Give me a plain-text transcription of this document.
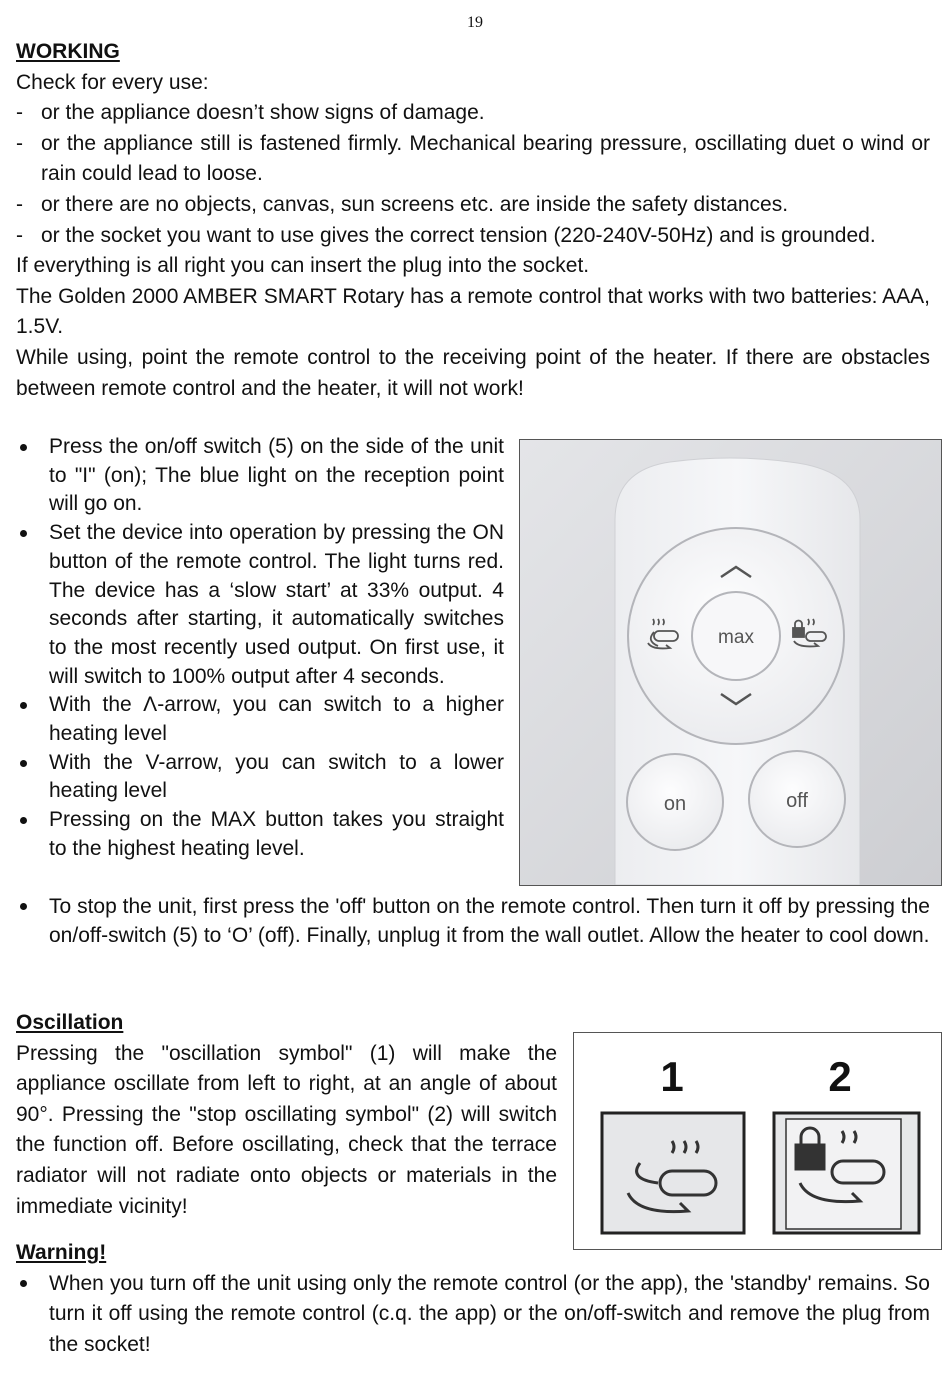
19
WORKING

Check for every use:

- or the appliance doesn’t show signs of damage.
- or the appliance still is fastened firmly. Mechanical bearing pressure, oscillating duet o wind or rain could lead to loose.
- or there are no objects, canvas, sun screens etc. are inside the safety distances.
- or the socket you want to use gives the correct tension (220-240V-50Hz) and is grounded.

If everything is all right you can insert the plug into the socket.

The Golden 2000 AMBER SMART Rotary has a remote control that works with two batteries: AAA, 1.5V.

While using, point the remote control to the receiving point of the heater. If there are obstacles between remote control and the heater, it will not work!

Press the on/off switch (5) on the side of the unit to "I" (on); The blue light on the reception point will go on.
Set the device into operation by pressing the ON button of the remote control. The light turns red. The device has a ‘slow start’ at 33% output. 4 seconds after starting, it automatically switches to the most recently used output. On first use, it will switch to 100% output after 4 seconds.
With the Λ-arrow, you can switch to a higher heating level
With the V-arrow, you can switch to a lower heating level
Pressing on the MAX button takes you straight to the highest heating level.
max
on	off
To stop the unit, first press the 'off' button on the remote control. Then turn it off by pressing the on/off-switch (5) to ‘O’ (off). Finally, unplug it from the wall outlet. Allow the heater to cool down.
Oscillation

Pressing the "oscillation symbol" (1) will make the appliance oscillate from left to right, at an angle of about 90°. Pressing the "stop oscillating symbol" (2) will switch the function off. Before oscillating, check that the terrace radiator will not radiate onto objects or materials in the immediate vicinity!

1	2
Warning!
When you turn off the unit using only the remote control (or the app), the 'standby' remains. So turn it off using the remote control (c.q. the app) or the on/off-switch and remove the plug from the socket!
